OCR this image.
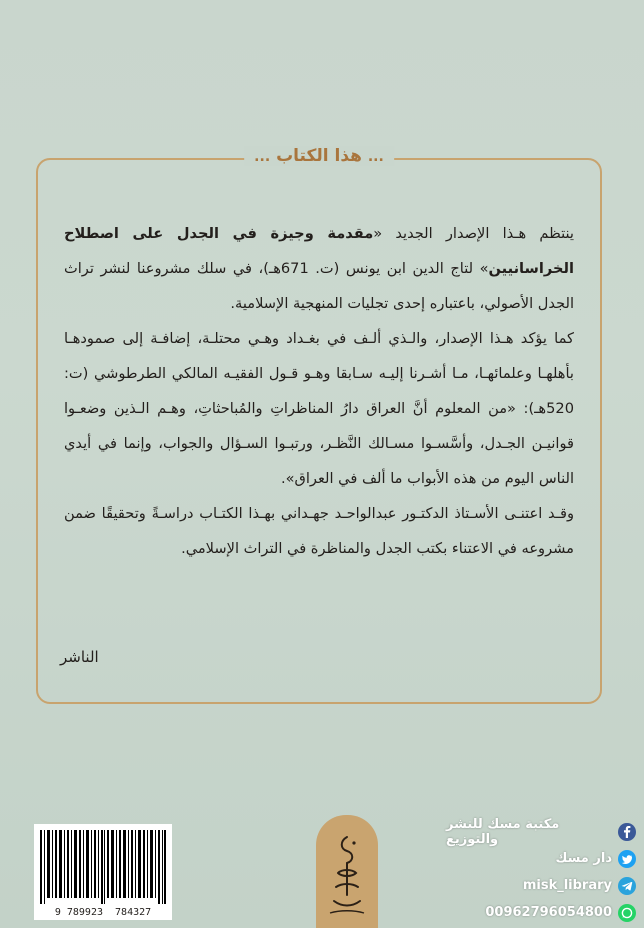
... هذا الكتاب ...

ينتظم هـذا الإصدار الجديد «مقدمة وجيزة في الجدل على اصطلاح الخراسانيين» لتاج الدين ابن يونس (ت. 671هـ)، في سلك مشروعنا لنشر تراث الجدل الأصولي، باعتباره إحدى تجليات المنهجية الإسلامية.

كما يؤكد هـذا الإصدار، والـذي ألـف في بغـداد وهـي محتلـة، إضافـة إلى صمودهـا بأهلهـا وعلمائهـا، مـا أشـرنا إليـه سـابقا وهـو قـول الفقيـه المالكي الطرطوشي (ت: 520هـ): «من المعلوم أنَّ العراق دارُ المناظراتِ والمُباحثاتِ، وهـم الـذين وضعـوا قوانيـن الجـدل، وأسَّسـوا مسـالك النَّظـر، ورتبـوا السـؤال والجواب، وإنما في أيدي الناس اليوم من هذه الأبواب ما ألف في العراق».

وقـد اعتنـى الأسـتاذ الدكتـور عبدالواحـد جهـداني بهـذا الكتـاب دراسـةً وتحقيقًا ضمن مشروعه في الاعتناء بكتب الجدل والمناظرة في التراث الإسلامي.

الناشر
9 789923  784327
مكتبة مسك للنشر والتوزيع
دار مسك
misk_library
00962796054800
